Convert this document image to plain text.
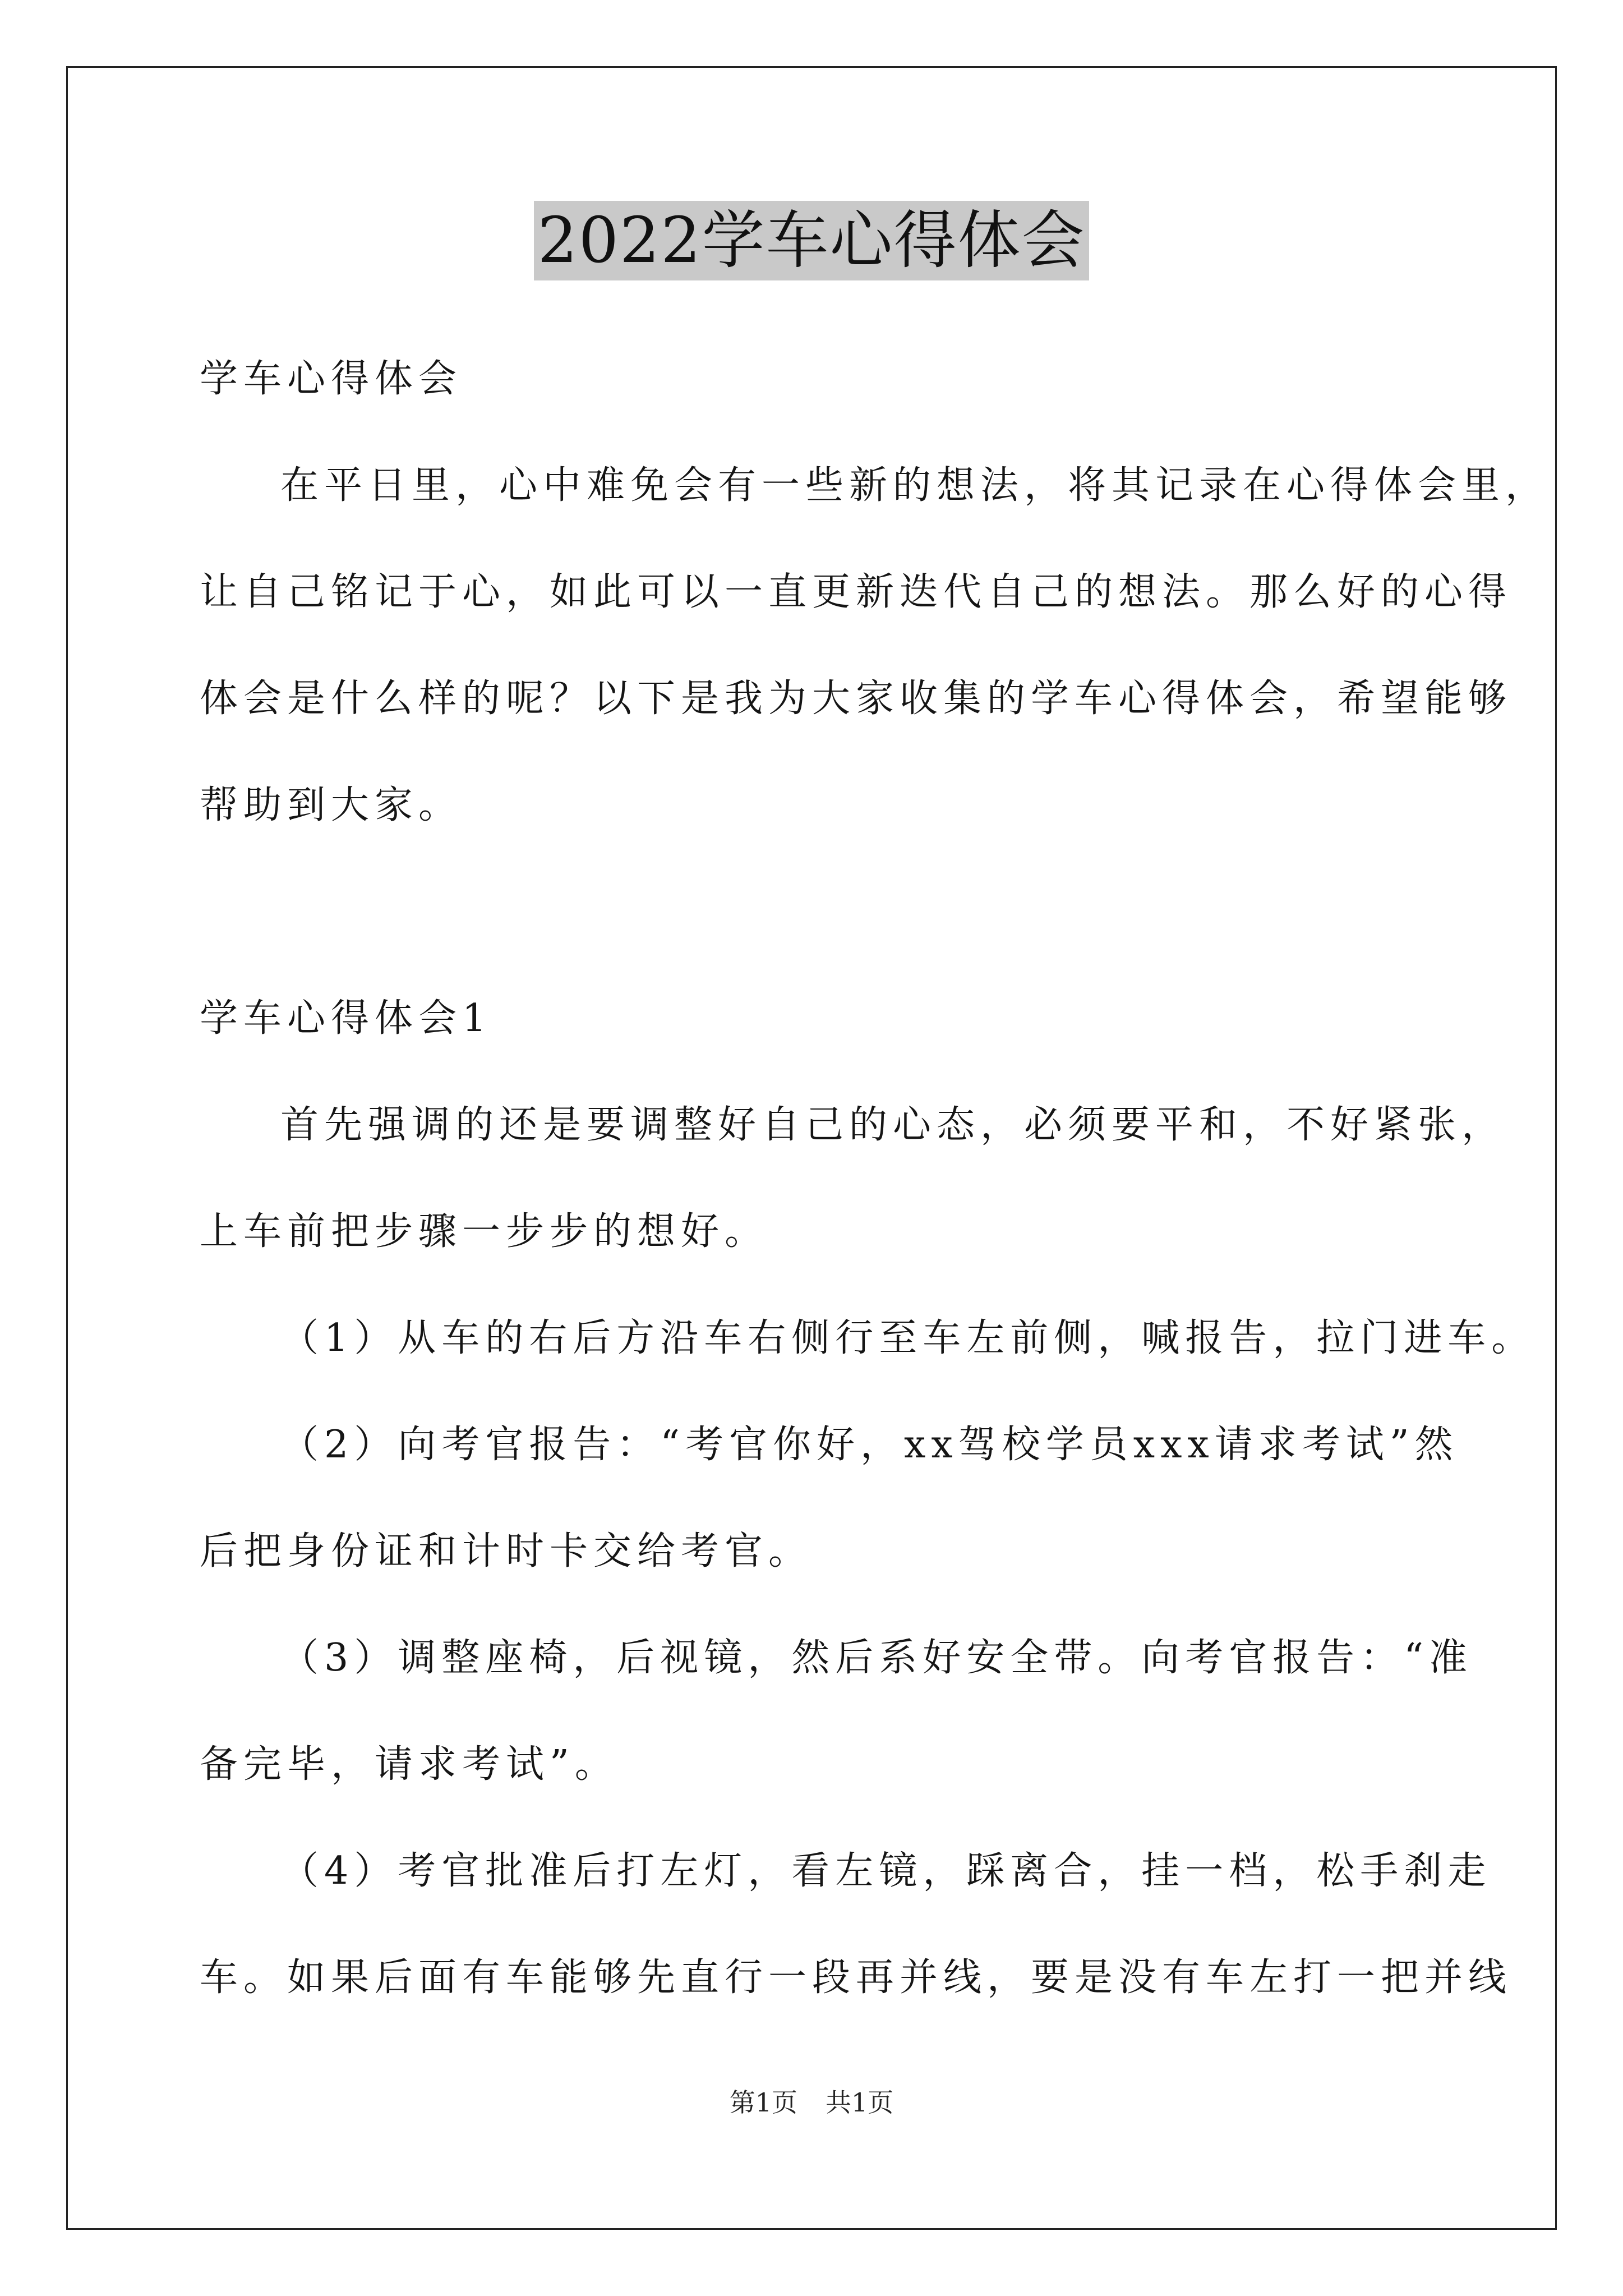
2022学车心得体会
学车心得体会
在平日里，心中难免会有一些新的想法，将其记录在心得体会里，
让自己铭记于心，如此可以一直更新迭代自己的想法。那么好的心得
体会是什么样的呢？以下是我为大家收集的学车心得体会，希望能够
帮助到大家。
学车心得体会1
首先强调的还是要调整好自己的心态，必须要平和，不好紧张，
上车前把步骤一步步的想好。
（1）从车的右后方沿车右侧行至车左前侧，喊报告，拉门进车。
（2）向考官报告：“考官你好，xx驾校学员xxx请求考试”然
后把身份证和计时卡交给考官。
（3）调整座椅，后视镜，然后系好安全带。向考官报告：“准
备完毕，请求考试”。
（4）考官批准后打左灯，看左镜，踩离合，挂一档，松手刹走
车。如果后面有车能够先直行一段再并线，要是没有车左打一把并线
第1页 共1页
